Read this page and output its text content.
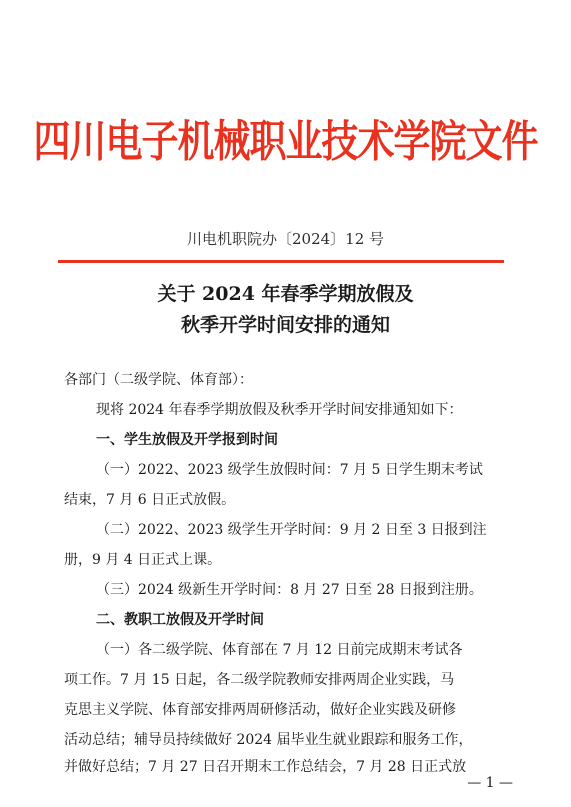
四川电子机械职业技术学院文件
川电机职院办〔2024〕12 号
关于 2024 年春季学期放假及
秋季开学时间安排的通知
各部门（二级学院、体育部）：
现将 2024 年春季学期放假及秋季开学时间安排通知如下：
一、学生放假及开学报到时间
（一）2022、2023 级学生放假时间：7 月 5 日学生期末考试
结束，7 月 6 日正式放假。
（二）2022、2023 级学生开学时间：9 月 2 日至 3 日报到注
册，9 月 4 日正式上课。
（三）2024 级新生开学时间：8 月 27 日至 28 日报到注册。
二、教职工放假及开学时间
（一）各二级学院、体育部在 7 月 12 日前完成期末考试各
项工作。7 月 15 日起，各二级学院教师安排两周企业实践，马
克思主义学院、体育部安排两周研修活动，做好企业实践及研修
活动总结；辅导员持续做好 2024 届毕业生就业跟踪和服务工作，
并做好总结；7 月 27 日召开期末工作总结会，7 月 28 日正式放
— 1 —
